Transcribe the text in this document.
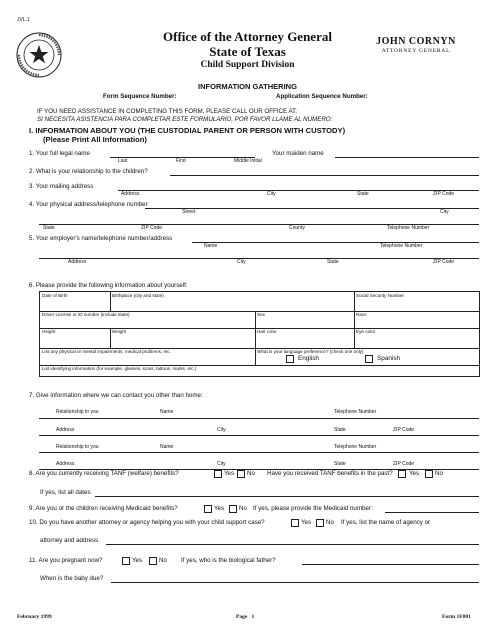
JVL.1
Office of the Attorney General
State of Texas
Child Support Division
JOHN CORNYN
ATTORNEY GENERAL
INFORMATION GATHERING
Form Sequence Number:	Application Sequence Number:
IF YOU NEED ASSISTANCE IN COMPLETING THIS FORM, PLEASE CALL OUR OFFICE AT:
SI NECESITA ASISTENCIA PARA COMPLETAR ESTE FORMULARIO, POR FAVOR LLAME AL NUMERO:
I. INFORMATION ABOUT YOU (THE CUSTODIAL PARENT OR PERSON WITH CUSTODY)
(Please Print All Information)
1. Your full legal name	Your maiden name
Last	First	Middle Initial
2. What is your relationship to the children?
3. Your mailing address
Address	City	State	ZIP Code
4. Your physical address/telephone number
Street	City
State	ZIP Code	County	Telephone Number
5. Your employer's name/telephone number/address
Name	Telephone Number
Address	City	State	ZIP Code
6. Please provide the following information about yourself:
Date of Birth	Birthplace (city and state)	Social Security Number
Driver License or ID number (include state)	Sex	Race
Height	Weight	Hair color	Eye color
List any physical or mental impairments, medical problems, etc.	What is your language preference? (check one only)
English	Spanish
List identifying information (for example, glasses, scars, tattoos, marks, etc.)
7. Give information where we can contact you other than home:
Relationship to you	Name	Telephone Number
Address	City	State	ZIP Code
Relationship to you	Name	Telephone Number
Address	City	State	ZIP Code
8. Are you currently receiving TANF (welfare) benefits?	Yes No Have you received TANF benefits in the past?	Yes	No
If yes, list all dates
9. Are you or the children receiving Medicaid benefits?	Yes No If yes, please provide the Medicaid number:
10. Do you have another attorney or agency helping you with your child support case?	Yes No If yes, list the name of agency or
attorney and address
11. Are you pregnant now?	Yes	No If yes, who is the biological father?
When is the baby due?
February 1999	Page 1	Form 1F001
